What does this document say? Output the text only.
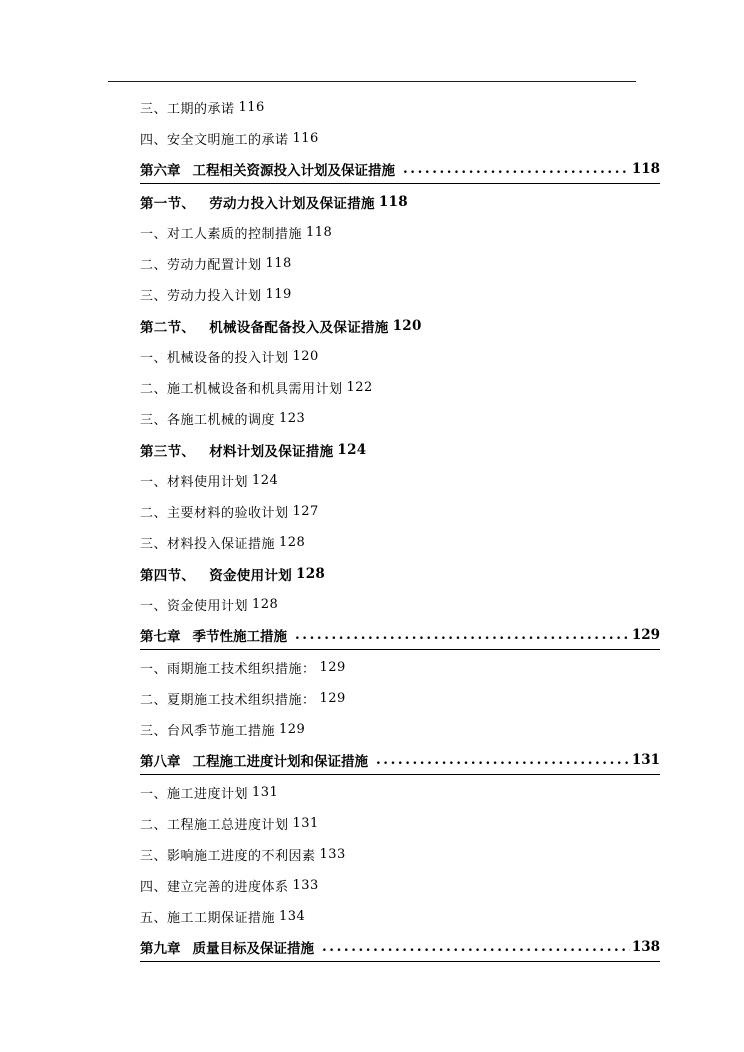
三、工期的承诺 116
四、安全文明施工的承诺 116
第六章 工程相关资源投入计划及保证措施 .....	118
第一节、 劳动力投入计划及保证措施 118
一、对工人素质的控制措施 118
二、劳动力配置计划 118
三、劳动力投入计划 119
第二节、 机械设备配备投入及保证措施 120
一、机械设备的投入计划 120
二、施工机械设备和机具需用计划 122
三、各施工机械的调度 123
第三节、 材料计划及保证措施 124
一、材料使用计划 124
二、主要材料的验收计划 127
三、材料投入保证措施 128
第四节、 资金使用计划 128
一、资金使用计划 128
第七章 季节性施工措施 .....	129
一、雨期施工技术组织措施： 129
二、夏期施工技术组织措施： 129
三、台风季节施工措施 129
第八章 工程施工进度计划和保证措施 .....	131
一、施工进度计划 131
二、工程施工总进度计划 131
三、影响施工进度的不利因素 133
四、建立完善的进度体系 133
五、施工工期保证措施 134
第九章 质量目标及保证措施 .....	138
